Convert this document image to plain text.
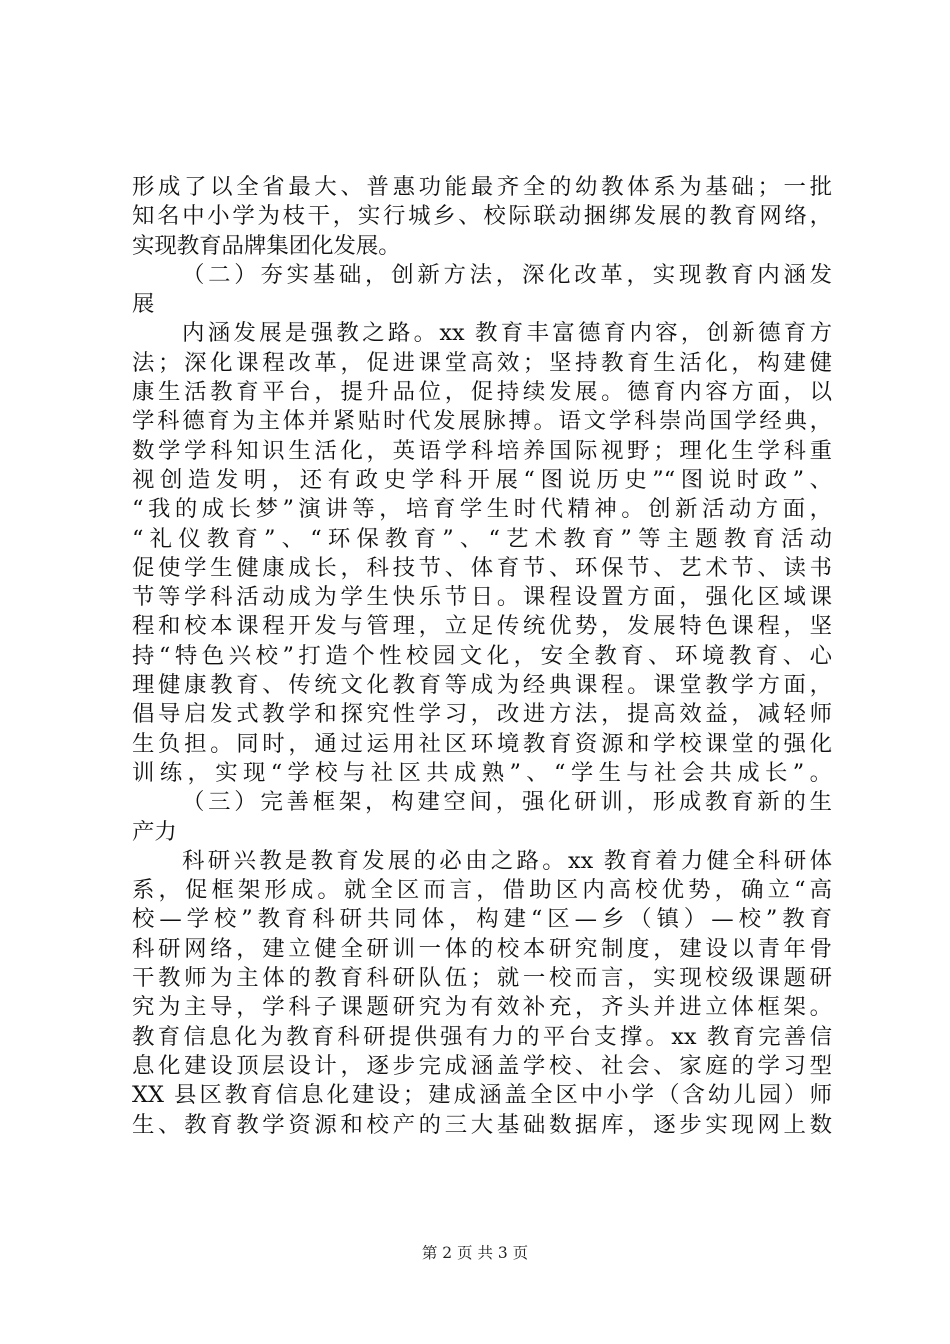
形成了以全省最大、普惠功能最齐全的幼教体系为基础；一批
知名中小学为枝干，实行城乡、校际联动捆绑发展的教育网络，
实现教育品牌集团化发展。
（二）夯实基础，创新方法，深化改革，实现教育内涵发
展
内涵发展是强教之路。xx 教育丰富德育内容，创新德育方
法；深化课程改革，促进课堂高效；坚持教育生活化，构建健
康生活教育平台，提升品位，促持续发展。德育内容方面，以
学科德育为主体并紧贴时代发展脉搏。语文学科崇尚国学经典，
数学学科知识生活化，英语学科培养国际视野；理化生学科重
视创造发明，还有政史学科开展“图说历史”“图说时政”、
“我的成长梦”演讲等，培育学生时代精神。创新活动方面，
“礼仪教育”、“环保教育”、“艺术教育”等主题教育活动
促使学生健康成长，科技节、体育节、环保节、艺术节、读书
节等学科活动成为学生快乐节日。课程设置方面，强化区域课
程和校本课程开发与管理，立足传统优势，发展特色课程，坚
持“特色兴校”打造个性校园文化，安全教育、环境教育、心
理健康教育、传统文化教育等成为经典课程。课堂教学方面，
倡导启发式教学和探究性学习，改进方法，提高效益，减轻师
生负担。同时，通过运用社区环境教育资源和学校课堂的强化
训练，实现“学校与社区共成熟”、“学生与社会共成长”。
（三）完善框架，构建空间，强化研训，形成教育新的生
产力
科研兴教是教育发展的必由之路。xx 教育着力健全科研体
系，促框架形成。就全区而言，借助区内高校优势，确立“高
校—学校”教育科研共同体，构建“区—乡（镇）—校”教育
科研网络，建立健全研训一体的校本研究制度，建设以青年骨
干教师为主体的教育科研队伍；就一校而言，实现校级课题研
究为主导，学科子课题研究为有效补充，齐头并进立体框架。
教育信息化为教育科研提供强有力的平台支撑。xx 教育完善信
息化建设顶层设计，逐步完成涵盖学校、社会、家庭的学习型
XX 县区教育信息化建设；建成涵盖全区中小学（含幼儿园）师
生、教育教学资源和校产的三大基础数据库，逐步实现网上数
第 2 页 共 3 页
